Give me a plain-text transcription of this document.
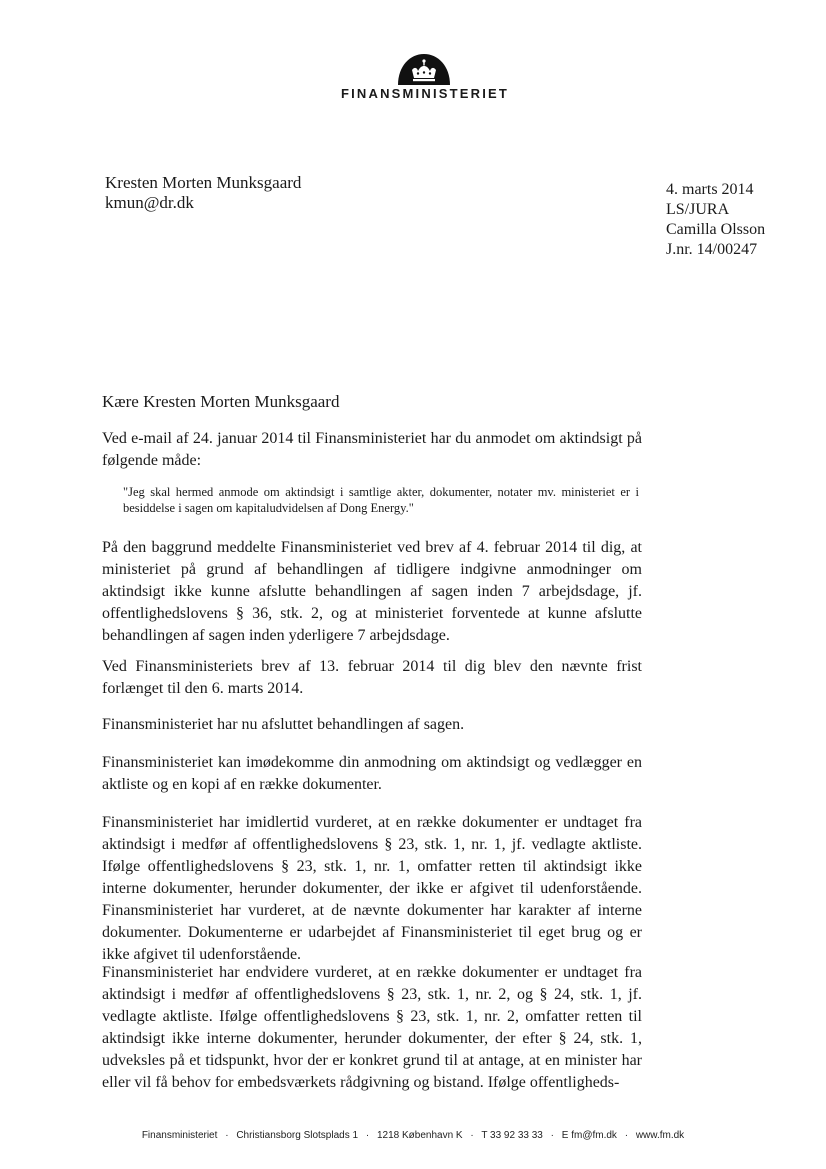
FINANSMINISTERIET
Kresten Morten Munksgaard
kmun@dr.dk
4. marts 2014
LS/JURA
Camilla Olsson
J.nr. 14/00247
Kære Kresten Morten Munksgaard
Ved e-mail af 24. januar 2014 til Finansministeriet har du anmodet om aktindsigt på følgende måde:
"Jeg skal hermed anmode om aktindsigt i samtlige akter, dokumenter, notater mv. ministeriet er i besiddelse i sagen om kapitaludvidelsen af Dong Energy."
På den baggrund meddelte Finansministeriet ved brev af 4. februar 2014 til dig, at ministeriet på grund af behandlingen af tidligere indgivne anmodninger om aktindsigt ikke kunne afslutte behandlingen af sagen inden 7 arbejdsdage, jf. offentlighedslovens § 36, stk. 2, og at ministeriet forventede at kunne afslutte behandlingen af sagen inden yderligere 7 arbejdsdage.
Ved Finansministeriets brev af 13. februar 2014 til dig blev den nævnte frist forlænget til den 6. marts 2014.
Finansministeriet har nu afsluttet behandlingen af sagen.
Finansministeriet kan imødekomme din anmodning om aktindsigt og vedlægger en aktliste og en kopi af en række dokumenter.
Finansministeriet har imidlertid vurderet, at en række dokumenter er undtaget fra aktindsigt i medfør af offentlighedslovens § 23, stk. 1, nr. 1, jf. vedlagte aktliste. Ifølge offentlighedslovens § 23, stk. 1, nr. 1, omfatter retten til aktindsigt ikke interne dokumenter, herunder dokumenter, der ikke er afgivet til udenforstående. Finansministeriet har vurderet, at de nævnte dokumenter har karakter af interne dokumenter. Dokumenterne er udarbejdet af Finansministeriet til eget brug og er ikke afgivet til udenforstående.
Finansministeriet har endvidere vurderet, at en række dokumenter er undtaget fra aktindsigt i medfør af offentlighedslovens § 23, stk. 1, nr. 2, og § 24, stk. 1, jf. vedlagte aktliste. Ifølge offentlighedslovens § 23, stk. 1, nr. 2, omfatter retten til aktindsigt ikke interne dokumenter, herunder dokumenter, der efter § 24, stk. 1, udveksles på et tidspunkt, hvor der er konkret grund til at antage, at en minister har eller vil få behov for embedsværkets rådgivning og bistand. Ifølge offentligheds-
Finansministeriet · Christiansborg Slotsplads 1 · 1218 København K · T 33 92 33 33 · E fm@fm.dk · www.fm.dk
